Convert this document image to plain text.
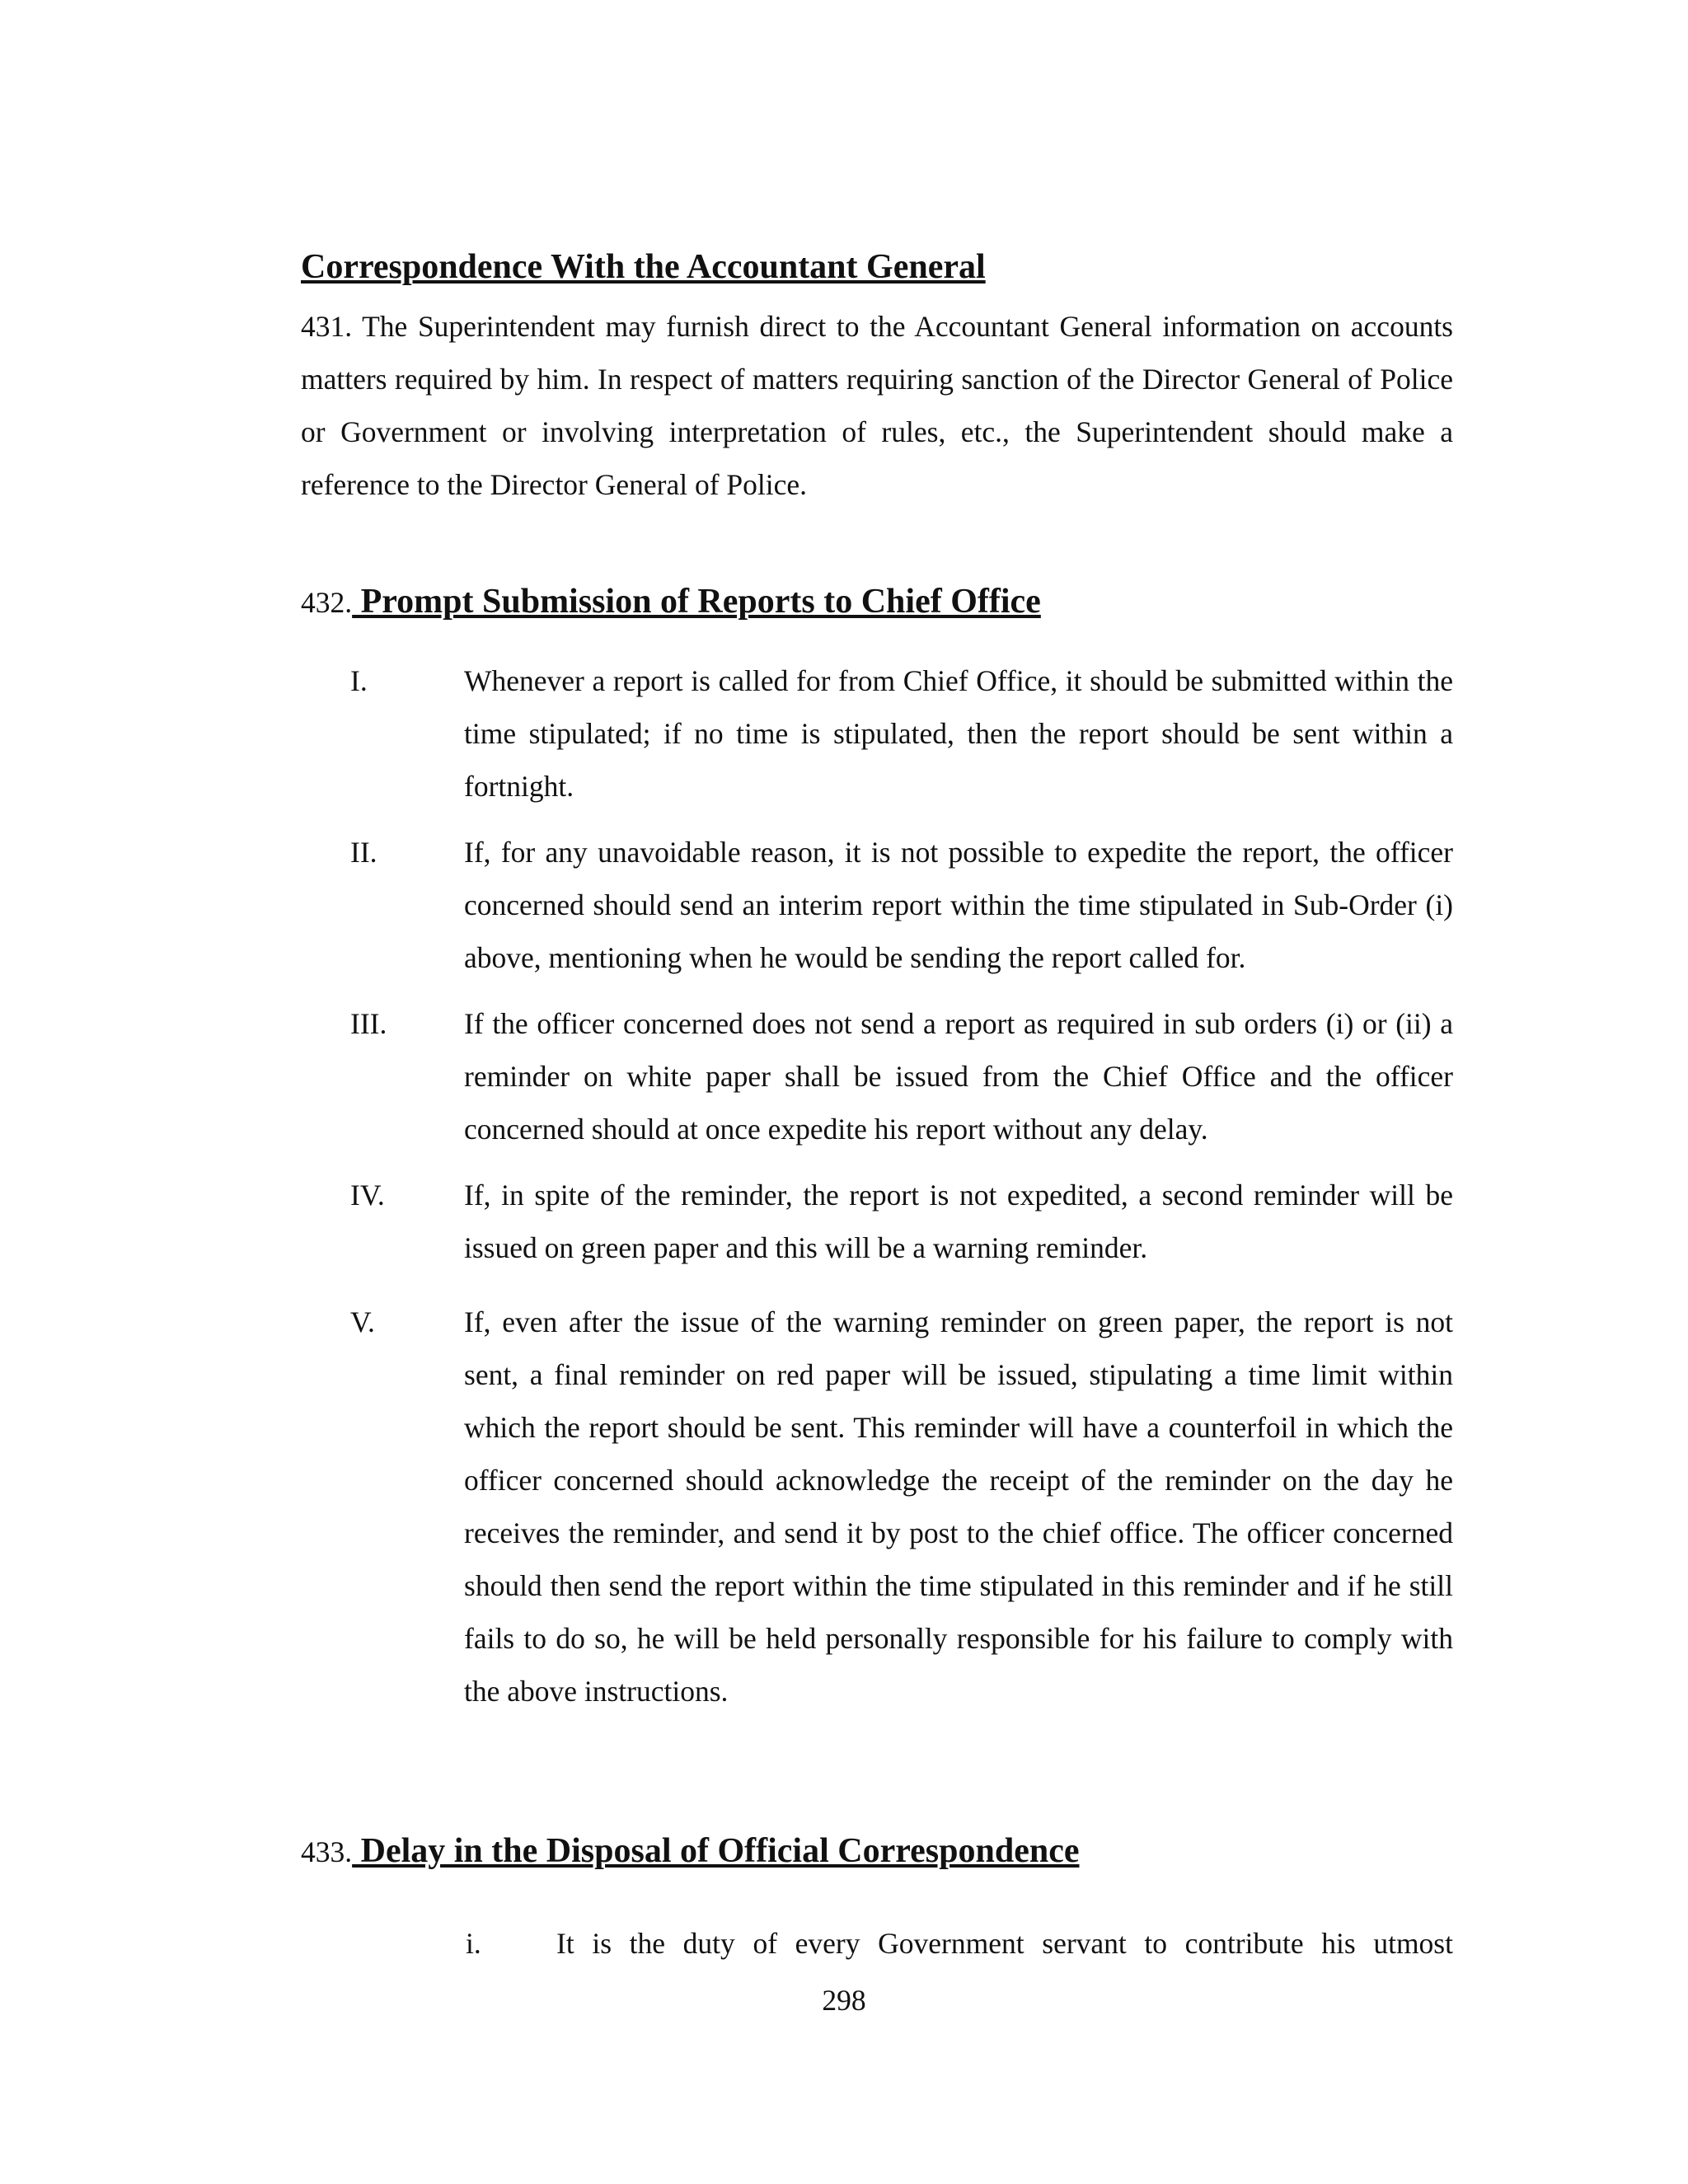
Correspondence With the Accountant General
431. The Superintendent may furnish direct to the Accountant General information on accounts matters required by him. In respect of matters requiring sanction of the Director General of Police or Government or involving interpretation of rules, etc., the Superintendent should make a reference to the Director General of Police.
432. Prompt Submission of Reports to Chief Office
I.	Whenever a report is called for from Chief Office, it should be submitted within the time stipulated; if no time is stipulated, then the report should be sent within a fortnight.
II.	If, for any unavoidable reason, it is not possible to expedite the report, the officer concerned should send an interim report within the time stipulated in Sub-Order (i) above, mentioning when he would be sending the report called for.
III.	If the officer concerned does not send a report as required in sub orders (i) or (ii) a reminder on white paper shall be issued from the Chief Office and the officer concerned should at once expedite his report without any delay.
IV.	If, in spite of the reminder, the report is not expedited, a second reminder will be issued on green paper and this will be a warning reminder.
V.	If, even after the issue of the warning reminder on green paper, the report is not sent, a final reminder on red paper will be issued, stipulating a time limit within which the report should be sent. This reminder will have a counterfoil in which the officer concerned should acknowledge the receipt of the reminder on the day he receives the reminder, and send it by post to the chief office. The officer concerned should then send the report within the time stipulated in this reminder and if he still fails to do so, he will be held personally responsible for his failure to comply with the above instructions.
433. Delay in the Disposal of Official Correspondence
i.	It is the duty of every Government servant to contribute his utmost
298
